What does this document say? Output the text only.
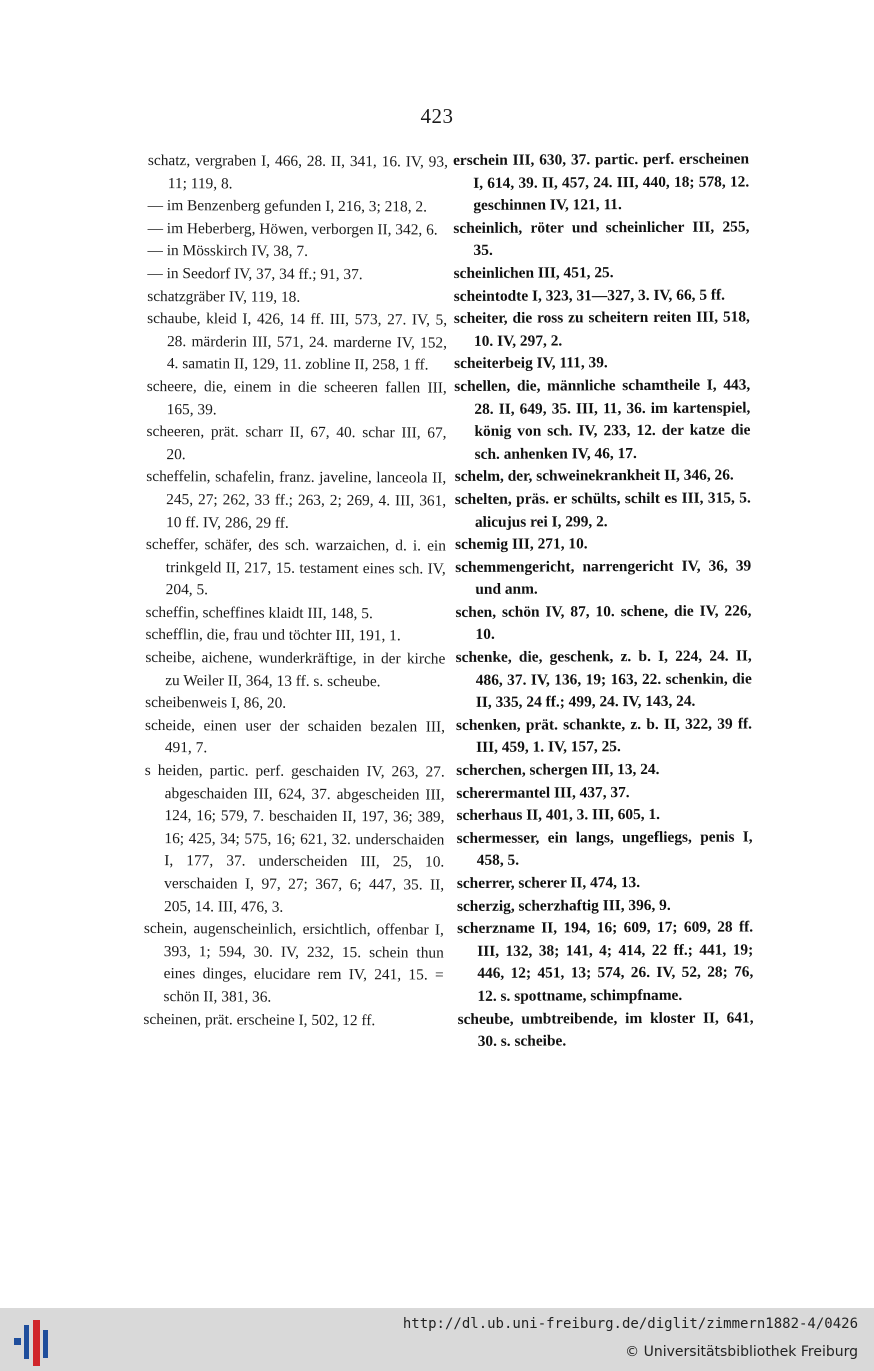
423

schatz, vergraben I, 466, 28. II, 341, 16. IV, 93, 11; 119, 8.

— im Benzenberg gefunden I, 216, 3; 218, 2.

— im Heberberg, Höwen, verborgen II, 342, 6.

— in Mösskirch IV, 38, 7.

— in Seedorf IV, 37, 34 ff.; 91, 37.

schatzgräber IV, 119, 18.

schaube, kleid I, 426, 14 ff. III, 573, 27. IV, 5, 28. märderin III, 571, 24. marderne IV, 152, 4. samatin II, 129, 11. zobline II, 258, 1 ff.

scheere, die, einem in die scheeren fallen III, 165, 39.

scheeren, prät. scharr II, 67, 40. schar III, 67, 20.

scheffelin, schafelin, franz. javeline, lanceola II, 245, 27; 262, 33 ff.; 263, 2; 269, 4. III, 361, 10 ff. IV, 286, 29 ff.

scheffer, schäfer, des sch. warzaichen, d. i. ein trinkgeld II, 217, 15. testament eines sch. IV, 204, 5.

scheffin, scheffines klaidt III, 148, 5.

schefflin, die, frau und töchter III, 191, 1.

scheibe, aichene, wunderkräftige, in der kirche zu Weiler II, 364, 13 ff. s. scheube.

scheibenweis I, 86, 20.

scheide, einen user der schaiden bezalen III, 491, 7.

s heiden, partic. perf. geschaiden IV, 263, 27. abgeschaiden III, 624, 37. abgescheiden III, 124, 16; 579, 7. beschaiden II, 197, 36; 389, 16; 425, 34; 575, 16; 621, 32. underschaiden I, 177, 37. underscheiden III, 25, 10. verschaiden I, 97, 27; 367, 6; 447, 35. II, 205, 14. III, 476, 3.

schein, augenscheinlich, ersichtlich, offenbar I, 393, 1; 594, 30. IV, 232, 15. schein thun eines dinges, elucidare rem IV, 241, 15. = schön II, 381, 36.

scheinen, prät. erscheine I, 502, 12 ff.

erschein III, 630, 37. partic. perf. erscheinen I, 614, 39. II, 457, 24. III, 440, 18; 578, 12. geschinnen IV, 121, 11.

scheinlich, röter und scheinlicher III, 255, 35.

scheinlichen III, 451, 25.

scheintodte I, 323, 31—327, 3. IV, 66, 5 ff.

scheiter, die ross zu scheitern reiten III, 518, 10. IV, 297, 2.

scheiterbeig IV, 111, 39.

schellen, die, männliche schamtheile I, 443, 28. II, 649, 35. III, 11, 36. im kartenspiel, könig von sch. IV, 233, 12. der katze die sch. anhenken IV, 46, 17.

schelm, der, schweinekrankheit II, 346, 26.

schelten, präs. er schülts, schilt es III, 315, 5. alicujus rei I, 299, 2.

schemig III, 271, 10.

schemmengericht, narrengericht IV, 36, 39 und anm.

schen, schön IV, 87, 10. schene, die IV, 226, 10.

schenke, die, geschenk, z. b. I, 224, 24. II, 486, 37. IV, 136, 19; 163, 22. schenkin, die II, 335, 24 ff.; 499, 24. IV, 143, 24.

schenken, prät. schankte, z. b. II, 322, 39 ff. III, 459, 1. IV, 157, 25.

scherchen, schergen III, 13, 24.

scherermantel III, 437, 37.

scherhaus II, 401, 3. III, 605, 1.

schermesser, ein langs, ungefliegs, penis I, 458, 5.

scherrer, scherer II, 474, 13.

scherzig, scherzhaftig III, 396, 9.

scherzname II, 194, 16; 609, 17; 609, 28 ff. III, 132, 38; 141, 4; 414, 22 ff.; 441, 19; 446, 12; 451, 13; 574, 26. IV, 52, 28; 76, 12. s. spottname, schimpfname.

scheube, umbtreibende, im kloster II, 641, 30. s. scheibe.

http://dl.ub.uni-freiburg.de/diglit/zimmern1882-4/0426
© Universitätsbibliothek Freiburg
